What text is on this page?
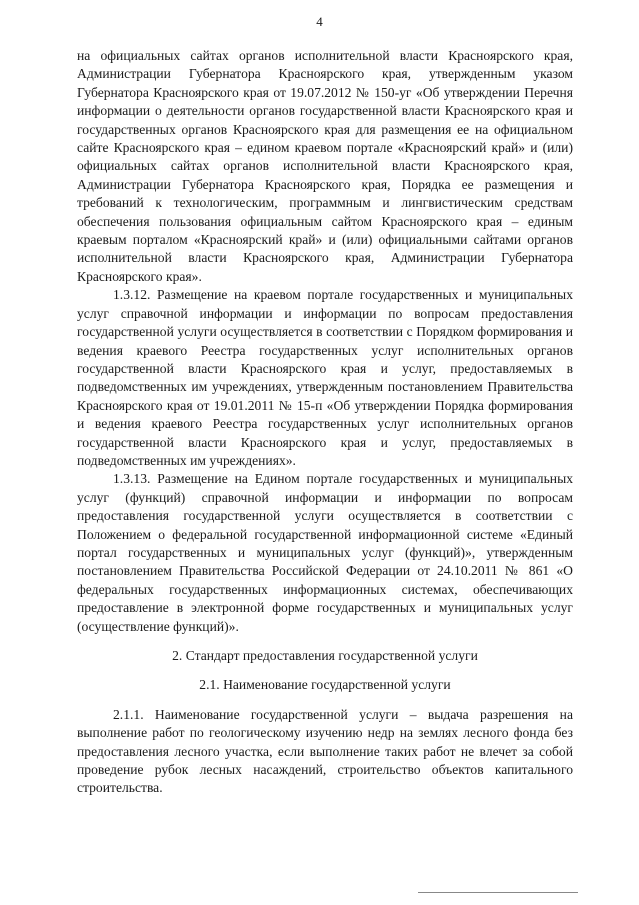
4

на официальных сайтах органов исполнительной власти Красноярского края, Администрации Губернатора Красноярского края, утвержденным указом Губернатора Красноярского края от 19.07.2012 № 150-уг «Об утверждении Перечня информации о деятельности органов государственной власти Красноярского края и государственных органов Красноярского края для размещения ее на официальном сайте Красноярского края – едином краевом портале «Красноярский край» и (или) официальных сайтах органов исполнительной власти Красноярского края, Администрации Губернатора Красноярского края, Порядка ее размещения и требований к технологическим, программным и лингвистическим средствам обеспечения пользования официальным сайтом Красноярского края – единым краевым порталом «Красноярский край» и (или) официальными сайтами органов исполнительной власти Красноярского края, Администрации Губернатора Красноярского края».

1.3.12. Размещение на краевом портале государственных и муниципальных услуг справочной информации и информации по вопросам предоставления государственной услуги осуществляется в соответствии с Порядком формирования и ведения краевого Реестра государственных услуг исполнительных органов государственной власти Красноярского края и услуг, предоставляемых в подведомственных им учреждениях, утвержденным постановлением Правительства Красноярского края от 19.01.2011 № 15-п «Об утверждении Порядка формирования и ведения краевого Реестра государственных услуг исполнительных органов государственной власти Красноярского края и услуг, предоставляемых в подведомственных им учреждениях».

1.3.13. Размещение на Едином портале государственных и муниципальных услуг (функций) справочной информации и информации по вопросам предоставления государственной услуги осуществляется в соответствии с Положением о федеральной государственной информационной системе «Единый портал государственных и муниципальных услуг (функций)», утвержденным постановлением Правительства Российской Федерации от 24.10.2011 № 861 «О федеральных государственных информационных системах, обеспечивающих предоставление в электронной форме государственных и муниципальных услуг (осуществление функций)».

2. Стандарт предоставления государственной услуги

2.1. Наименование государственной услуги

2.1.1. Наименование государственной услуги – выдача разрешения на выполнение работ по геологическому изучению недр на землях лесного фонда без предоставления лесного участка, если выполнение таких работ не влечет за собой проведение рубок лесных насаждений, строительство объектов капитального строительства.
